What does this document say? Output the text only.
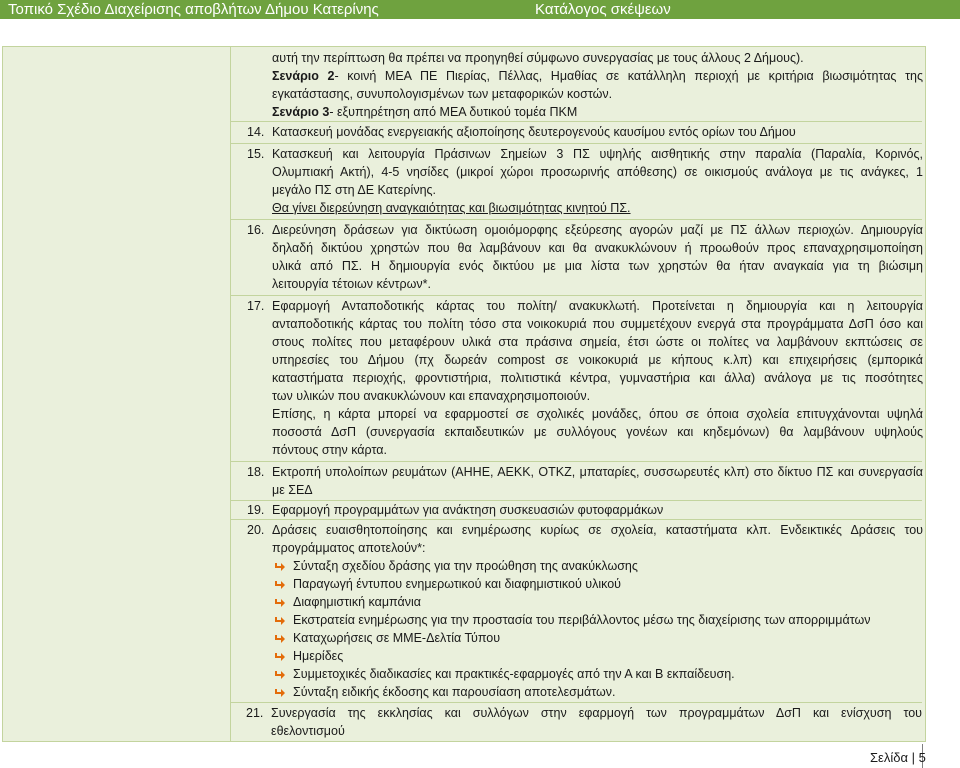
Τοπικό Σχέδιο Διαχείρισης αποβλήτων Δήμου Κατερίνης	Κατάλογος σκέψεων
αυτή την περίπτωση θα πρέπει να προηγηθεί σύμφωνο συνεργασίας με τους άλλους 2 Δήμους).
Σενάριο 2- κοινή ΜΕΑ ΠΕ Πιερίας, Πέλλας, Ημαθίας σε κατάλληλη περιοχή με κριτήρια βιωσιμότητας της
εγκατάστασης, συνυπολογισμένων των μεταφορικών κοστών.
Σενάριο 3- εξυπηρέτηση από ΜΕΑ δυτικού τομέα ΠΚΜ
14. Κατασκευή μονάδας ενεργειακής αξιοποίησης δευτερογενούς καυσίμου εντός ορίων του Δήμου
15. Κατασκευή και λειτουργία Πράσινων Σημείων 3 ΠΣ υψηλής αισθητικής στην παραλία (Παραλία, Κορινός,
Ολυμπιακή Ακτή), 4-5 νησίδες (μικροί χώροι προσωρινής απόθεσης) σε οικισμούς ανάλογα με τις ανάγκες, 1
μεγάλο ΠΣ στη ΔΕ Κατερίνης.
Θα γίνει διερεύνηση αναγκαιότητας και βιωσιμότητας κινητού ΠΣ.
16. Διερεύνηση δράσεων για δικτύωση ομοιόμορφης εξεύρεσης αγορών μαζί με ΠΣ άλλων περιοχών. Δημιουργία
δηλαδή δικτύου χρηστών που θα λαμβάνουν και θα ανακυκλώνουν ή προωθούν προς επαναχρησιμοποίηση
υλικά από ΠΣ. Η δημιουργία ενός δικτύου με μια λίστα των χρηστών θα ήταν αναγκαία για τη βιώσιμη
λειτουργία τέτοιων κέντρων*.
17. Εφαρμογή Ανταποδοτικής κάρτας του πολίτη/ ανακυκλωτή. Προτείνεται η δημιουργία και η λειτουργία
ανταποδοτικής κάρτας του πολίτη τόσο στα νοικοκυριά που συμμετέχουν ενεργά στα προγράμματα ΔσΠ όσο και
στους πολίτες που μεταφέρουν υλικά στα πράσινα σημεία, έτσι ώστε οι πολίτες να λαμβάνουν εκπτώσεις σε
υπηρεσίες του Δήμου (πχ δωρεάν compost σε νοικοκυριά με κήπους κ.λπ) και επιχειρήσεις (εμπορικά
καταστήματα περιοχής, φροντιστήρια, πολιτιστικά κέντρα, γυμναστήρια και άλλα) ανάλογα με τις ποσότητες
των υλικών που ανακυκλώνουν και επαναχρησιμοποιούν.
Επίσης, η κάρτα μπορεί να εφαρμοστεί σε σχολικές μονάδες, όπου σε όποια σχολεία επιτυγχάνονται υψηλά
ποσοστά ΔσΠ (συνεργασία εκπαιδευτικών με συλλόγους γονέων και κηδεμόνων) θα λαμβάνουν υψηλούς
πόντους στην κάρτα.
18. Εκτροπή υπολοίπων ρευμάτων (ΑΗΗΕ, ΑΕΚΚ, ΟΤΚΖ, μπαταρίες, συσσωρευτές κλπ) στο δίκτυο ΠΣ και συνεργασία
με ΣΕΔ
19. Εφαρμογή προγραμμάτων για ανάκτηση συσκευασιών φυτοφαρμάκων
20. Δράσεις ευαισθητοποίησης και ενημέρωσης κυρίως σε σχολεία, καταστήματα κλπ. Ενδεικτικές Δράσεις του
προγράμματος αποτελούν*:
Σύνταξη σχεδίου δράσης για την προώθηση της ανακύκλωσης
Παραγωγή έντυπου ενημερωτικού και διαφημιστικού υλικού
Διαφημιστική καμπάνια
Εκστρατεία ενημέρωσης για την προστασία του περιβάλλοντος μέσω της διαχείρισης των απορριμμάτων
Καταχωρήσεις σε ΜΜΕ-Δελτία Τύπου
Ημερίδες
Συμμετοχικές διαδικασίες και πρακτικές-εφαρμογές από την Α και Β εκπαίδευση.
Σύνταξη ειδικής έκδοσης και παρουσίαση αποτελεσμάτων.
Σελίδα | 5
21. Συνεργασία της εκκλησίας και συλλόγων στην εφαρμογή των προγραμμάτων ΔσΠ και ενίσχυση του
εθελοντισμού
